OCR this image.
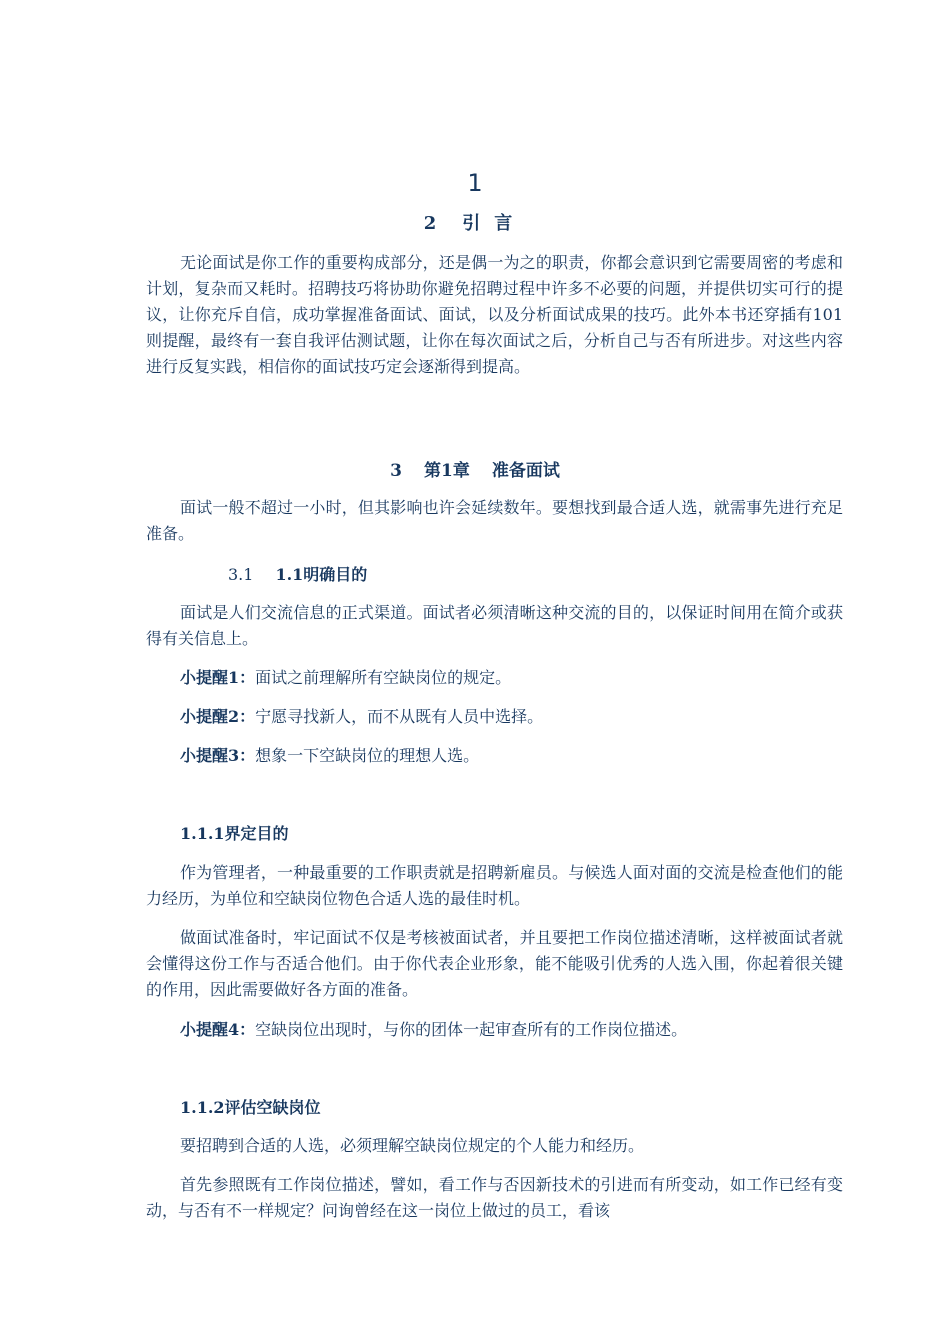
1
2 引言

无论面试是你工作的重要构成部分，还是偶一为之的职责，你都会意识到它需要周密的考虑和计划，复杂而又耗时。招聘技巧将协助你避免招聘过程中许多不必要的问题，并提供切实可行的提议，让你充斥自信，成功掌握准备面试、面试，以及分析面试成果的技巧。此外本书还穿插有101则提醒，最终有一套自我评估测试题，让你在每次面试之后，分析自己与否有所进步。对这些内容进行反复实践，相信你的面试技巧定会逐渐得到提高。

3 第1章 准备面试

面试一般不超过一小时，但其影响也许会延续数年。要想找到最合适人选，就需事先进行充足准备。

3.1 1.1明确目的

面试是人们交流信息的正式渠道。面试者必须清晰这种交流的目的，以保证时间用在简介或获得有关信息上。

小提醒1：面试之前理解所有空缺岗位的规定。

小提醒2：宁愿寻找新人，而不从既有人员中选择。

小提醒3：想象一下空缺岗位的理想人选。

1.1.1界定目的

作为管理者，一种最重要的工作职责就是招聘新雇员。与候选人面对面的交流是检查他们的能力经历，为单位和空缺岗位物色合适人选的最佳时机。

做面试准备时，牢记面试不仅是考核被面试者，并且要把工作岗位描述清晰，这样被面试者就会懂得这份工作与否适合他们。由于你代表企业形象，能不能吸引优秀的人选入围，你起着很关键的作用，因此需要做好各方面的准备。

小提醒4：空缺岗位出现时，与你的团体一起审查所有的工作岗位描述。

1.1.2评估空缺岗位

要招聘到合适的人选，必须理解空缺岗位规定的个人能力和经历。

首先参照既有工作岗位描述，譬如，看工作与否因新技术的引进而有所变动，如工作已经有变动，与否有不一样规定？问询曾经在这一岗位上做过的员工，看该
